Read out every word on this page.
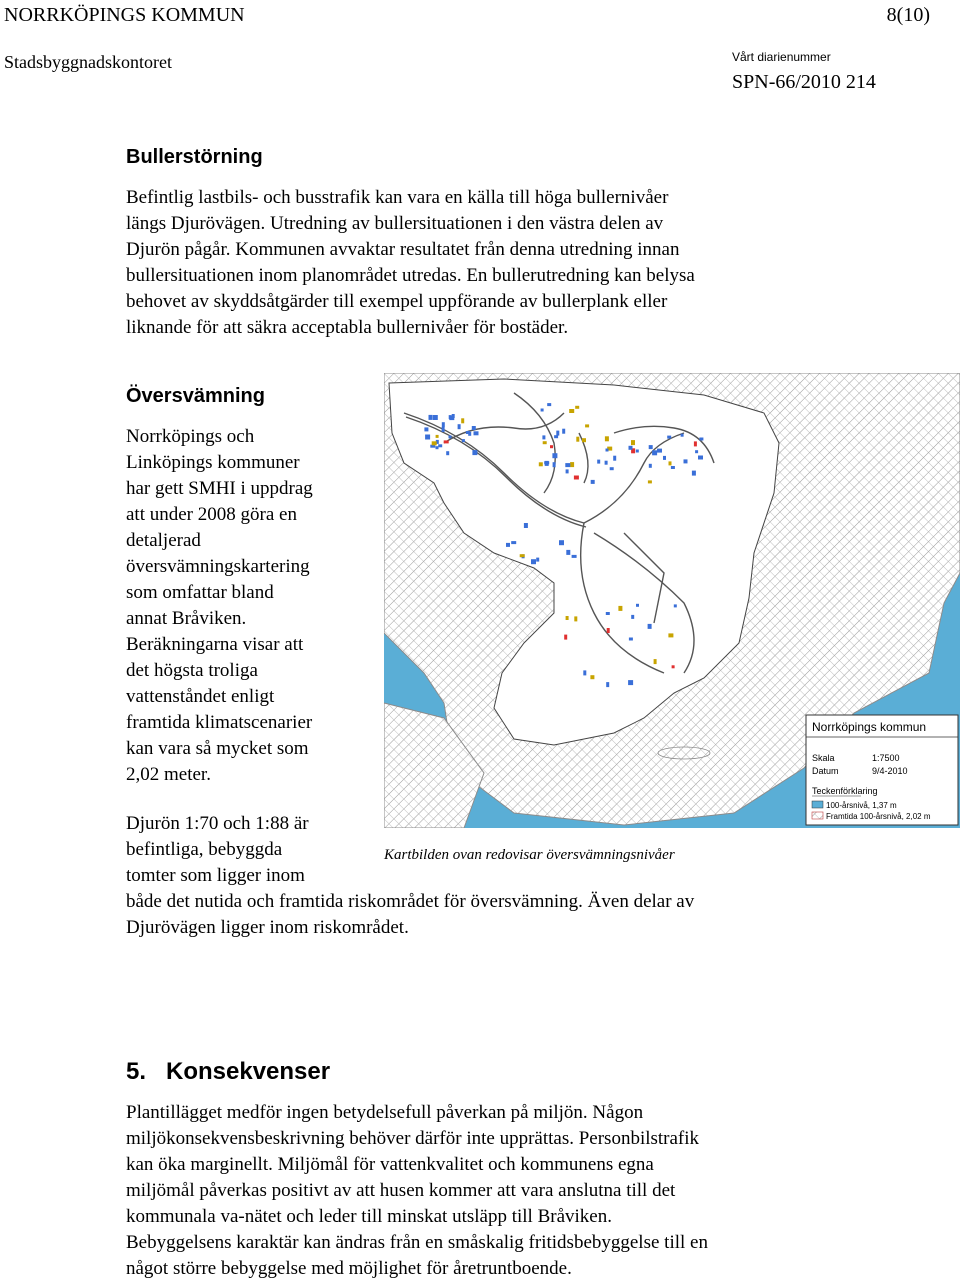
NORRKÖPINGS KOMMUN	8(10)
Stadsbyggnadskontoret	Vårt diarienummer
SPN-66/2010 214
Bullerstörning
Befintlig lastbils- och busstrafik kan vara en källa till höga bullernivåer
längs Djurövägen. Utredning av bullersituationen i den västra delen av
Djurön pågår. Kommunen avvaktar resultatet från denna utredning innan
bullersituationen inom planområdet utredas. En bullerutredning kan belysa
behovet av skyddsåtgärder till exempel uppförande av bullerplank eller
liknande för att säkra acceptabla bullernivåer för bostäder.
Översvämning
Norrköpings och
Linköpings kommuner
har gett SMHI i uppdrag
att under 2008 göra en
detaljerad
översvämningskartering
som omfattar bland
annat Bråviken.
Beräkningarna visar att
det högsta troliga
vattenståndet enligt
framtida klimatscenarier
kan vara så mycket som
2,02 meter.
Norrköpings kommun
Skala	1:7500
Datum	9/4-2010
Teckenförklaring
100-årsnivå, 1,37 m
Framtida 100-årsnivå, 2,02 m
Kartbilden ovan redovisar översvämningsnivåer
Djurön 1:70 och 1:88 är
befintliga, bebyggda
tomter som ligger inom
både det nutida och framtida riskområdet för översvämning. Även delar av
Djurövägen ligger inom riskområdet.
5. Konsekvenser
Plantillägget medför ingen betydelsefull påverkan på miljön. Någon
miljökonsekvensbeskrivning behöver därför inte upprättas. Personbilstrafik
kan öka marginellt. Miljömål för vattenkvalitet och kommunens egna
miljömål påverkas positivt av att husen kommer att vara anslutna till det
kommunala va-nätet och leder till minskat utsläpp till Bråviken.
Bebyggelsens karaktär kan ändras från en småskalig fritidsbebyggelse till en
något större bebyggelse med möjlighet för åretruntboende.
